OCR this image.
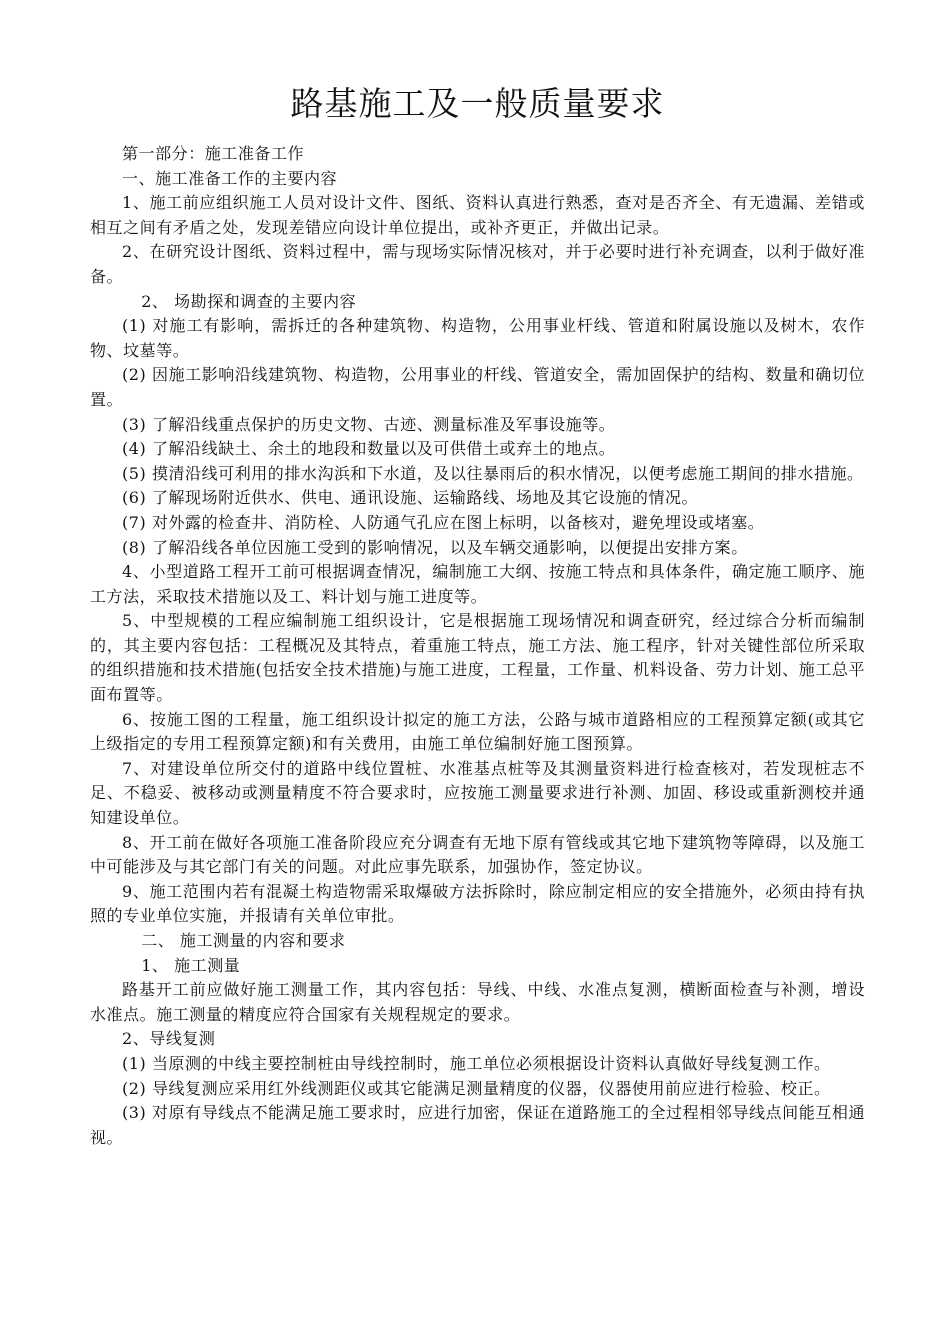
路基施工及一般质量要求

第一部分：施工准备工作

一、施工准备工作的主要内容

1、施工前应组织施工人员对设计文件、图纸、资料认真进行熟悉，查对是否齐全、有无遗漏、差错或相互之间有矛盾之处，发现差错应向设计单位提出，或补齐更正，并做出记录。

2、在研究设计图纸、资料过程中，需与现场实际情况核对，并于必要时进行补充调查，以利于做好准备。

2、 场勘探和调查的主要内容

(1) 对施工有影响，需拆迁的各种建筑物、构造物，公用事业杆线、管道和附属设施以及树木，农作物、坟墓等。

(2) 因施工影响沿线建筑物、构造物，公用事业的杆线、管道安全，需加固保护的结构、数量和确切位置。

(3) 了解沿线重点保护的历史文物、古迹、测量标准及军事设施等。

(4) 了解沿线缺土、余土的地段和数量以及可供借土或弃土的地点。

(5) 摸清沿线可利用的排水沟浜和下水道，及以往暴雨后的积水情况，以便考虑施工期间的排水措施。

(6) 了解现场附近供水、供电、通讯设施、运输路线、场地及其它设施的情况。

(7) 对外露的检查井、消防栓、人防通气孔应在图上标明，以备核对，避免埋设或堵塞。

(8) 了解沿线各单位因施工受到的影响情况，以及车辆交通影响，以便提出安排方案。

4、小型道路工程开工前可根据调查情况，编制施工大纲、按施工特点和具体条件，确定施工顺序、施工方法，采取技术措施以及工、料计划与施工进度等。

5、中型规模的工程应编制施工组织设计，它是根据施工现场情况和调查研究，经过综合分析而编制的，其主要内容包括：工程概况及其特点，着重施工特点，施工方法、施工程序，针对关键性部位所采取的组织措施和技术措施(包括安全技术措施)与施工进度，工程量，工作量、机料设备、劳力计划、施工总平面布置等。

6、按施工图的工程量，施工组织设计拟定的施工方法，公路与城市道路相应的工程预算定额(或其它上级指定的专用工程预算定额)和有关费用，由施工单位编制好施工图预算。

7、对建设单位所交付的道路中线位置桩、水准基点桩等及其测量资料进行检查核对，若发现桩志不足、不稳妥、被移动或测量精度不符合要求时，应按施工测量要求进行补测、加固、移设或重新测校并通知建设单位。

8、开工前在做好各项施工准备阶段应充分调查有无地下原有管线或其它地下建筑物等障碍，以及施工中可能涉及与其它部门有关的问题。对此应事先联系，加强协作，签定协议。

9、施工范围内若有混凝土构造物需采取爆破方法拆除时，除应制定相应的安全措施外，必须由持有执照的专业单位实施，并报请有关单位审批。

二、 施工测量的内容和要求

1、 施工测量

路基开工前应做好施工测量工作，其内容包括：导线、中线、水准点复测，横断面检查与补测，增设水准点。施工测量的精度应符合国家有关规程规定的要求。

2、导线复测

(1) 当原测的中线主要控制桩由导线控制时，施工单位必须根据设计资料认真做好导线复测工作。

(2) 导线复测应采用红外线测距仪或其它能满足测量精度的仪器，仪器使用前应进行检验、校正。

(3) 对原有导线点不能满足施工要求时，应进行加密，保证在道路施工的全过程相邻导线点间能互相通视。
